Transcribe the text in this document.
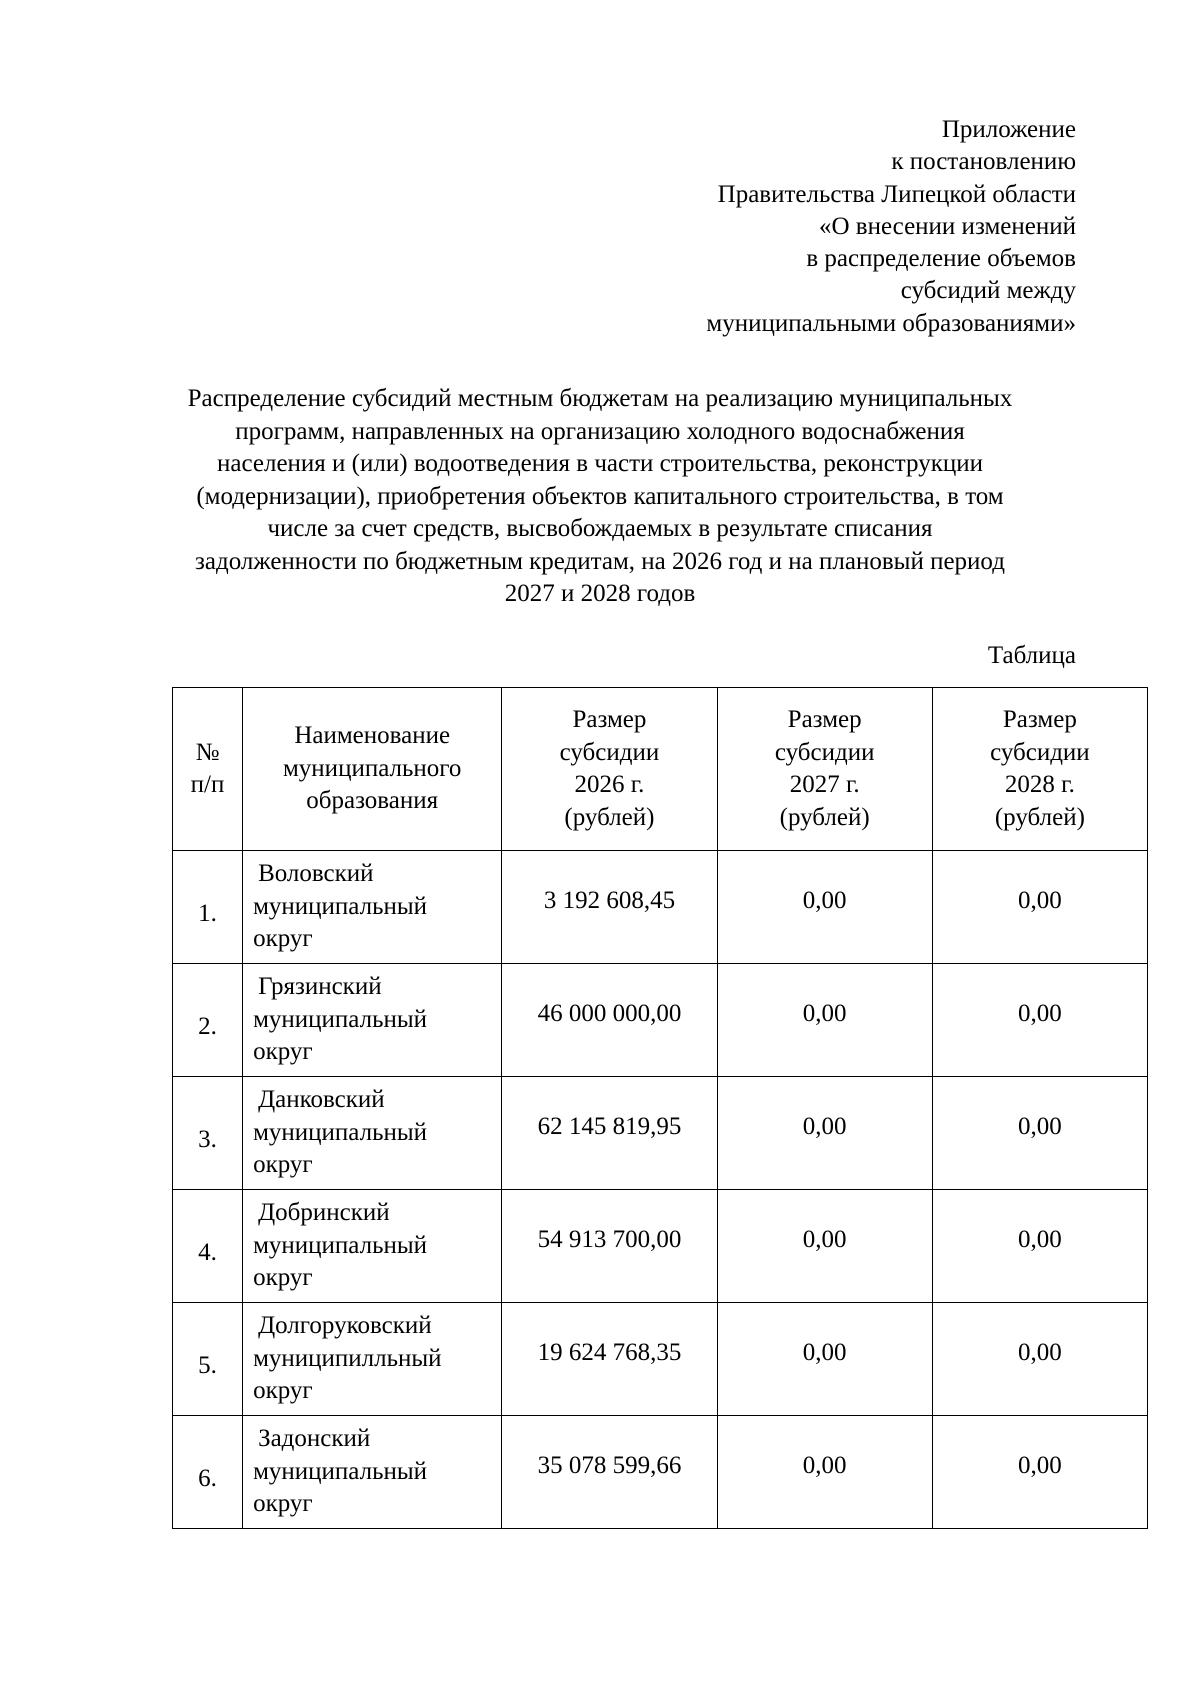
Приложение
к постановлению
Правительства Липецкой области
«О внесении изменений
в распределение объемов
субсидий между
муниципальными образованиями»
Распределение субсидий местным бюджетам на реализацию муниципальных
программ, направленных на организацию холодного водоснабжения
населения и (или) водоотведения в части строительства, реконструкции
(модернизации), приобретения объектов капитального строительства, в том
числе за счет средств, высвобождаемых в результате списания
задолженности по бюджетным кредитам, на 2026 год и на плановый период
2027 и 2028 годов
Таблица
№
п/п	Наименование
муниципального
образования	Размер
субсидии
2026 г.
(рублей)	Размер
субсидии
2027 г.
(рублей)	Размер
субсидии
2028 г.
(рублей)

1.	Воловский
муниципальный
округ	3 192 608,45	0,00	0,00
2.	Грязинский
муниципальный
округ	46 000 000,00	0,00	0,00
3.	Данковский
муниципальный
округ	62 145 819,95	0,00	0,00
4.	Добринский
муниципальный
округ	54 913 700,00	0,00	0,00
5.	Долгоруковский
муниципилльный
округ	19 624 768,35	0,00	0,00
6.	Задонский
муниципальный
округ	35 078 599,66	0,00	0,00
